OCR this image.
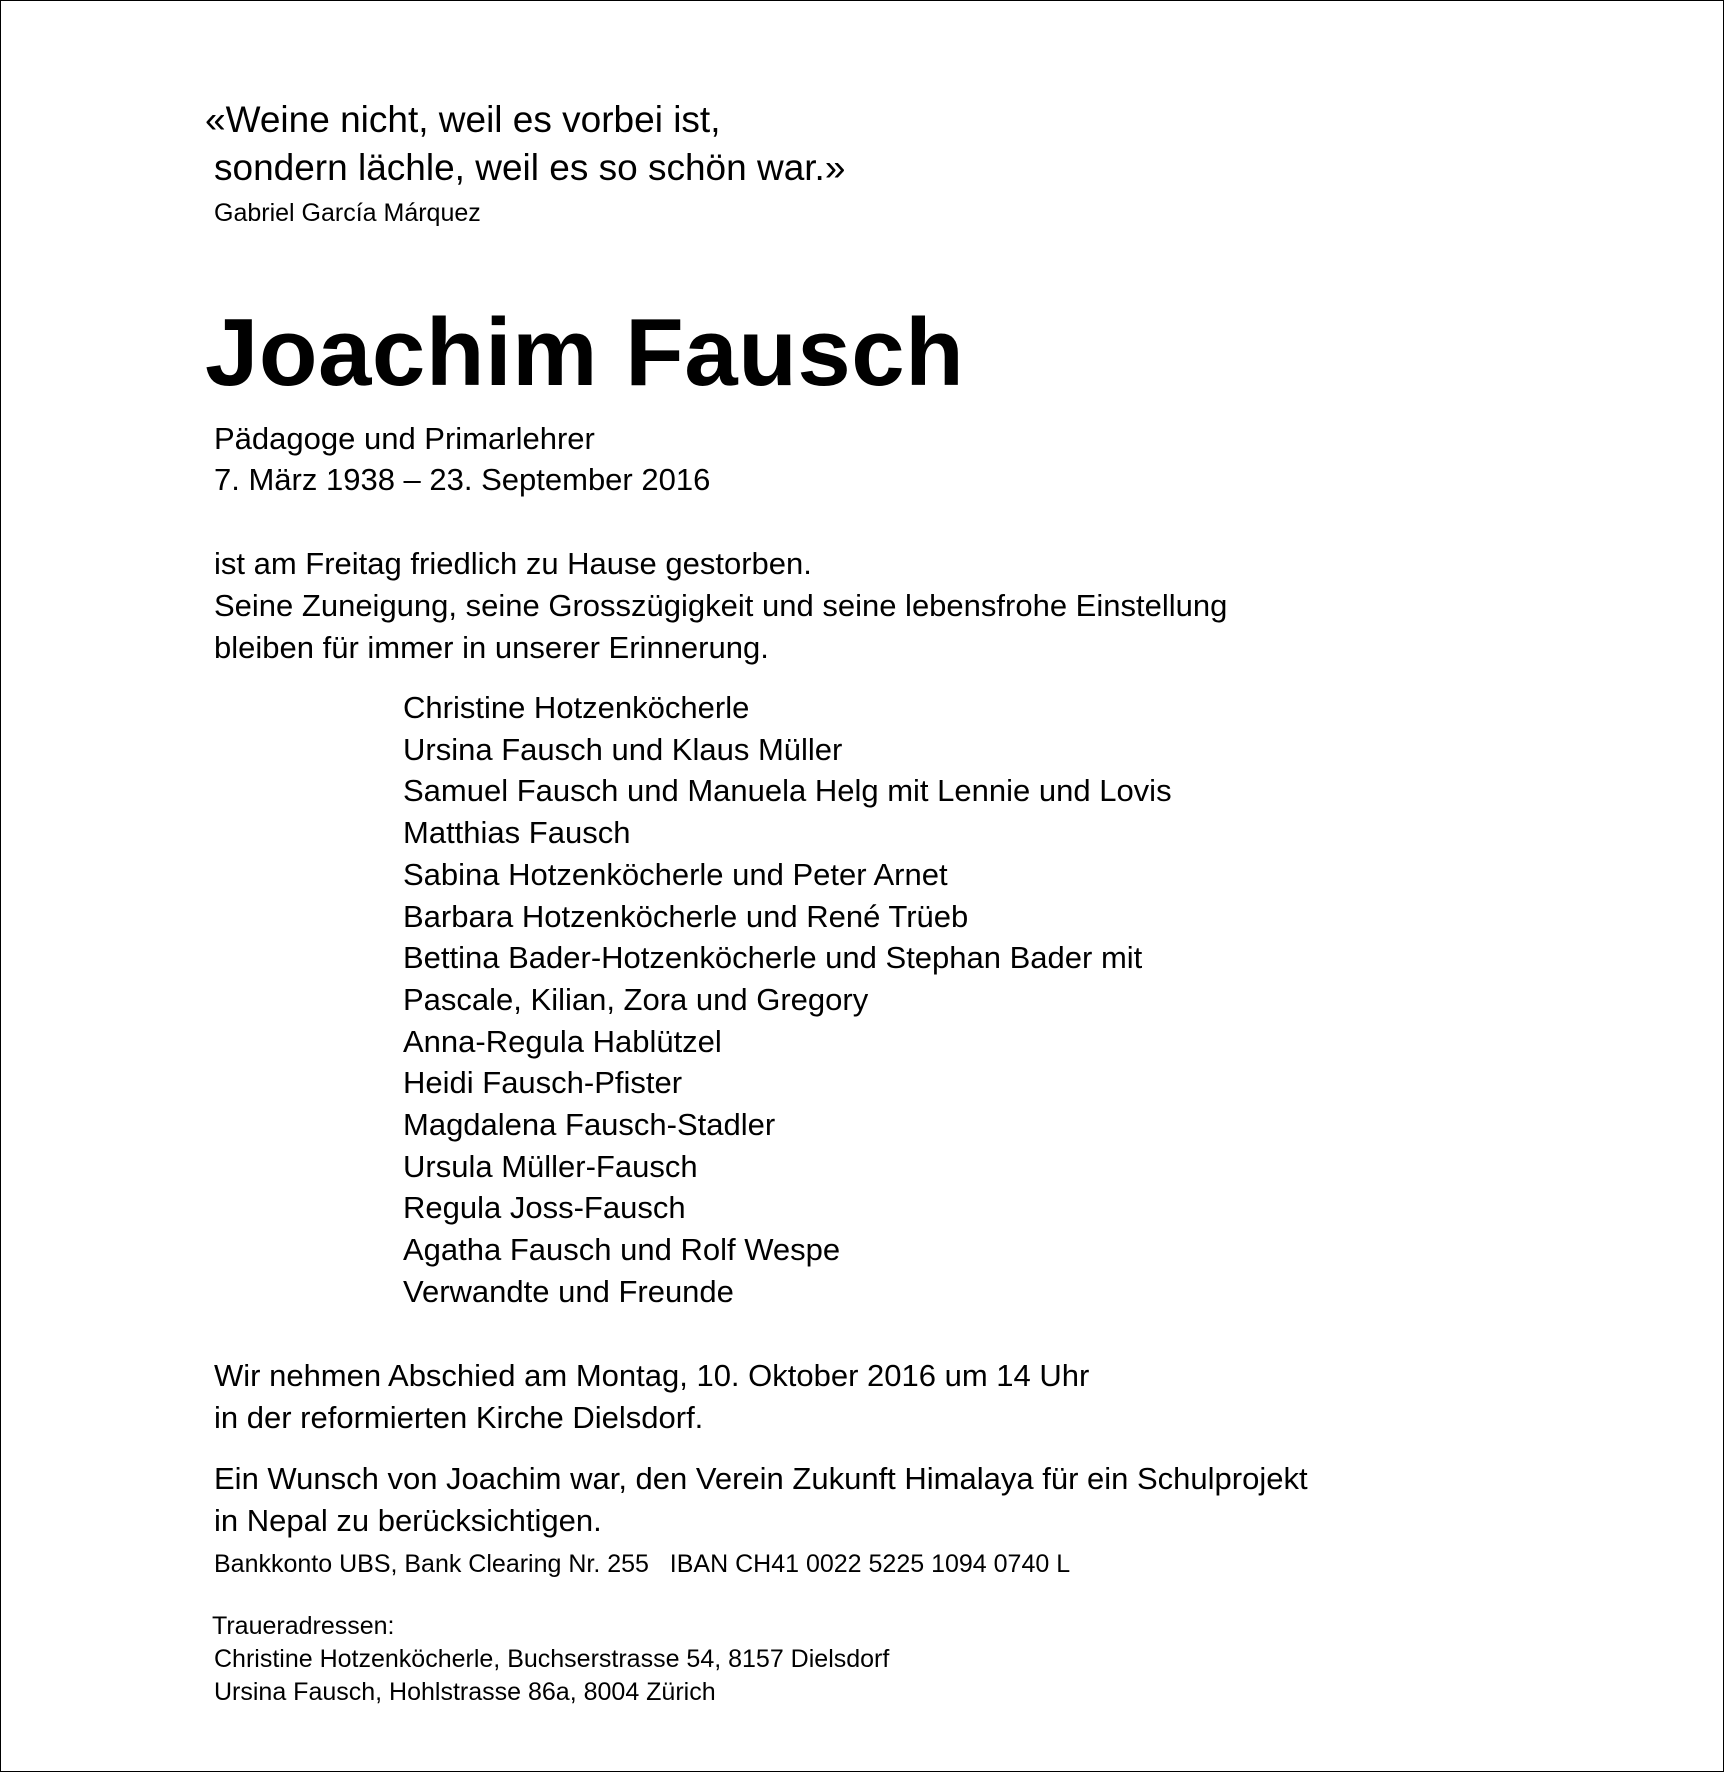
«Weine nicht, weil es vorbei ist,

sondern lächle, weil es so schön war.»

Gabriel García Márquez

Joachim Fausch

Pädagoge und Primarlehrer

7. März 1938 – 23. September 2016

ist am Freitag friedlich zu Hause gestorben.

Seine Zuneigung, seine Grosszügigkeit und seine lebensfrohe Einstellung

bleiben für immer in unserer Erinnerung.

Christine Hotzenköcherle
Ursina Fausch und Klaus Müller
Samuel Fausch und Manuela Helg mit Lennie und Lovis
Matthias Fausch
Sabina Hotzenköcherle und Peter Arnet
Barbara Hotzenköcherle und René Trüeb
Bettina Bader-Hotzenköcherle und Stephan Bader mit
Pascale, Kilian, Zora und Gregory
Anna-Regula Hablützel
Heidi Fausch-Pfister
Magdalena Fausch-Stadler
Ursula Müller-Fausch
Regula Joss-Fausch
Agatha Fausch und Rolf Wespe
Verwandte und Freunde

Wir nehmen Abschied am Montag, 10. Oktober 2016 um 14 Uhr

in der reformierten Kirche Dielsdorf.

Ein Wunsch von Joachim war, den Verein Zukunft Himalaya für ein Schulprojekt

in Nepal zu berücksichtigen.

Bankkonto UBS, Bank Clearing Nr. 255   IBAN CH41 0022 5225 1094 0740 L

Traueradressen:

Christine Hotzenköcherle, Buchserstrasse 54, 8157 Dielsdorf

Ursina Fausch, Hohlstrasse 86a, 8004 Zürich
